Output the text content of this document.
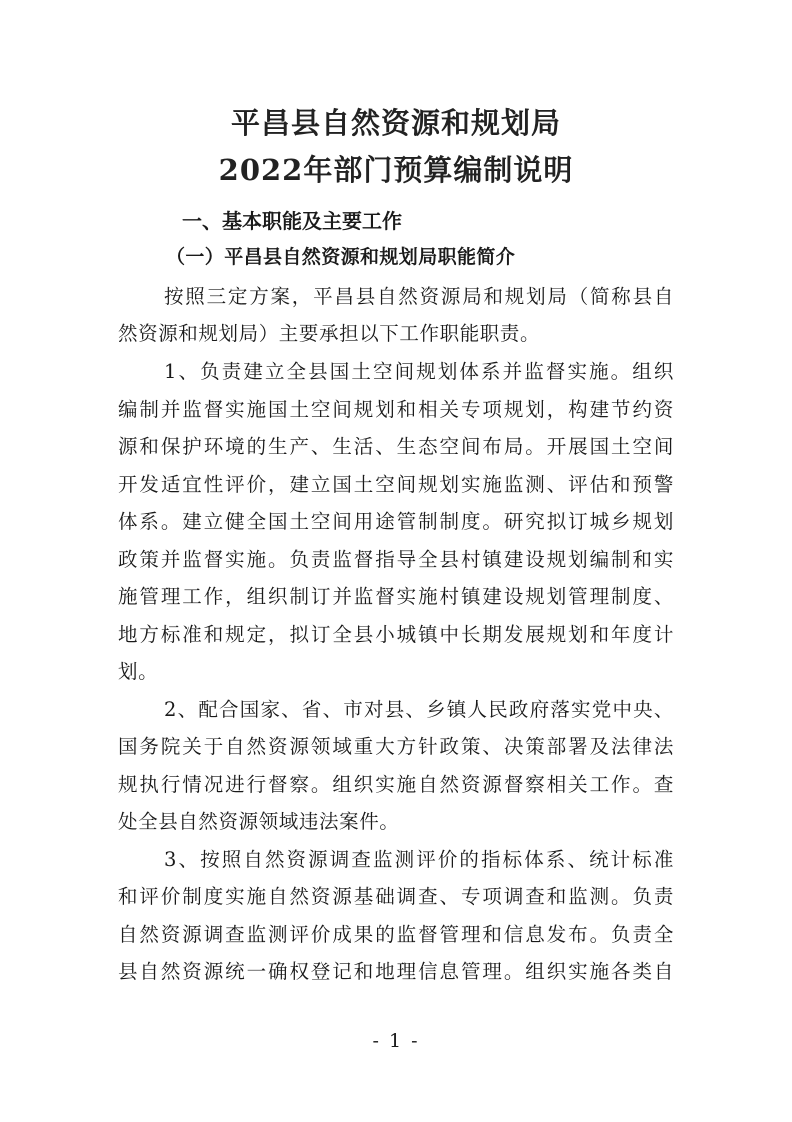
平昌县自然资源和规划局
2022年部门预算编制说明
一、基本职能及主要工作
（一）平昌县自然资源和规划局职能简介
按照三定方案，平昌县自然资源局和规划局（简称县自
然资源和规划局）主要承担以下工作职能职责。
1、负责建立全县国土空间规划体系并监督实施。组织
编制并监督实施国土空间规划和相关专项规划，构建节约资
源和保护环境的生产、生活、生态空间布局。开展国土空间
开发适宜性评价，建立国土空间规划实施监测、评估和预警
体系。建立健全国土空间用途管制制度。研究拟订城乡规划
政策并监督实施。负责监督指导全县村镇建设规划编制和实
施管理工作，组织制订并监督实施村镇建设规划管理制度、
地方标准和规定，拟订全县小城镇中长期发展规划和年度计
划。
2、配合国家、省、市对县、乡镇人民政府落实党中央、
国务院关于自然资源领域重大方针政策、决策部署及法律法
规执行情况进行督察。组织实施自然资源督察相关工作。查
处全县自然资源领域违法案件。
3、按照自然资源调查监测评价的指标体系、统计标准
和评价制度实施自然资源基础调查、专项调查和监测。负责
自然资源调查监测评价成果的监督管理和信息发布。负责全
县自然资源统一确权登记和地理信息管理。组织实施各类自
- 1 -
